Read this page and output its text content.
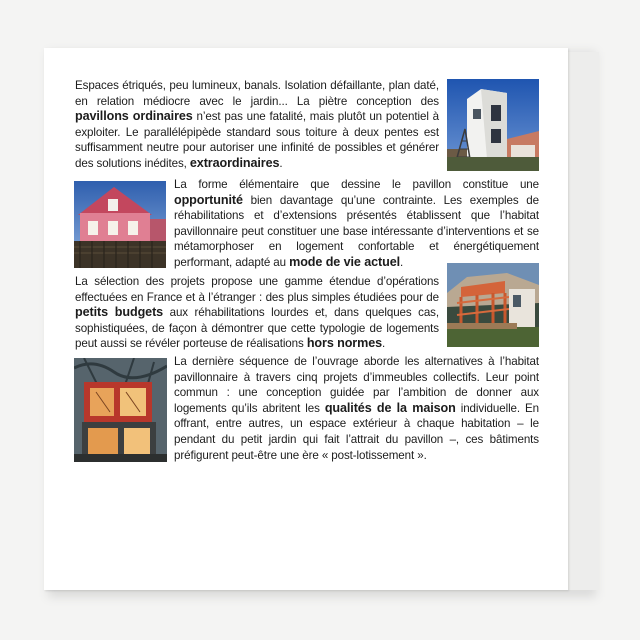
Espaces étriqués, peu lumineux, banals. Isolation défaillante, plan daté, en relation médiocre avec le jardin... La piètre conception des pavillons ordinaires n’est pas une fatalité, mais plutôt un potentiel à exploiter. Le parallélépipède standard sous toiture à deux pentes est suffisamment neutre pour autoriser une infinité de possibles et générer des solutions inédites, extraordinaires.
La forme élémentaire que dessine le pavillon constitue une opportunité bien davantage qu’une contrainte. Les exemples de réhabilitations et d’extensions présentés établissent que l’habitat pavillonnaire peut constituer une base intéressante d’interventions et se métamorphoser en logement confortable et énergétiquement performant, adapté au mode de vie actuel.
La sélection des projets propose une gamme étendue d’opérations effectuées en France et à l’étranger : des plus simples étudiées pour de petits budgets aux réhabilitations lourdes et, dans quelques cas, sophistiquées, de façon à démontrer que cette typologie de logements peut aussi se révéler porteuse de réalisations hors normes.
La dernière séquence de l’ouvrage aborde les alternatives à l’habitat pavillonnaire à travers cinq projets d’immeubles collectifs. Leur point commun : une conception guidée par l’ambition de donner aux logements qu’ils abritent les qualités de la maison individuelle. En offrant, entre autres, un espace extérieur à chaque habitation – le pendant du petit jardin qui fait l’attrait du pavillon –, ces bâtiments préfigurent peut-être une ère « post-lotissement ».
